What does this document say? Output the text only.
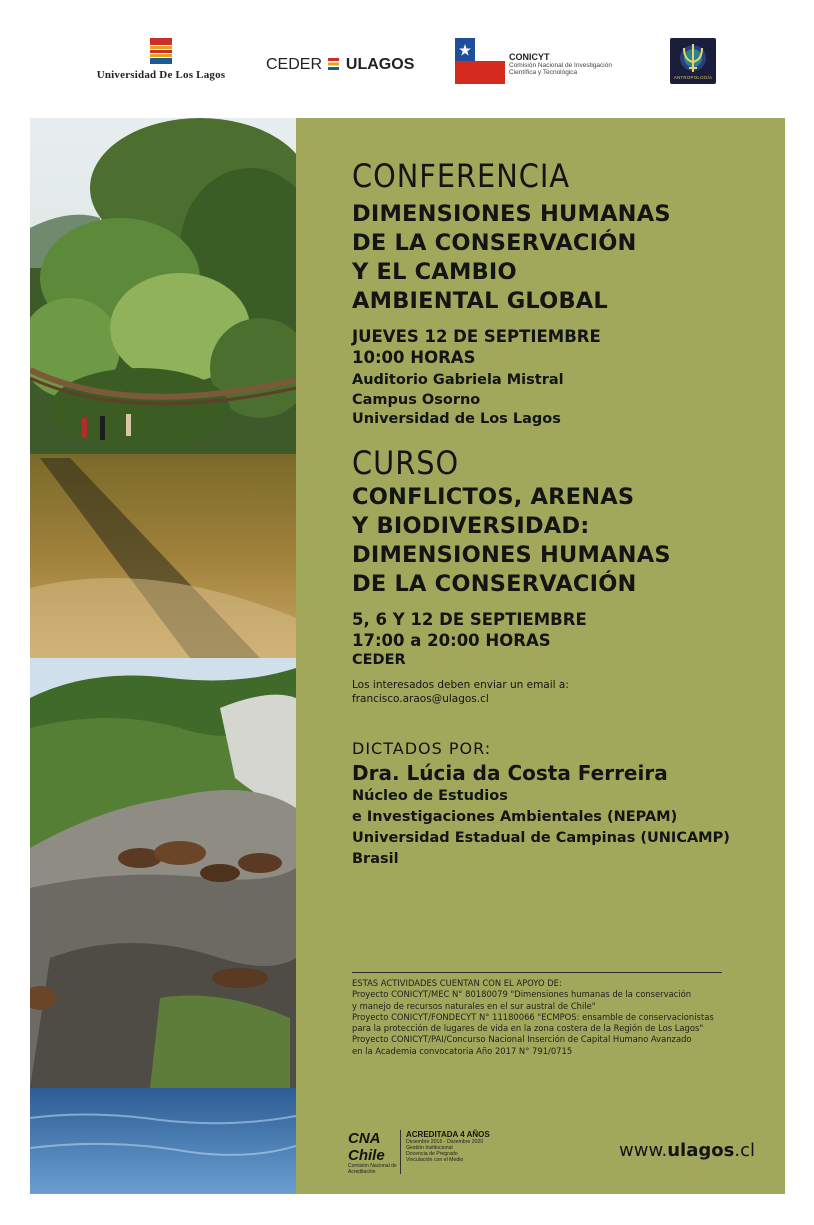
Universidad De Los Lagos
CEDER ULAGOS	CONICYT
Comisión Nacional de Investigación Científica y Tecnológica
ANTROPOLOGÍA
CONFERENCIA
DIMENSIONES HUMANAS
DE LA CONSERVACIÓN
Y EL CAMBIO
AMBIENTAL GLOBAL
JUEVES 12 DE SEPTIEMBRE
10:00 HORAS
Auditorio Gabriela Mistral
Campus Osorno
Universidad de Los Lagos
CURSO
CONFLICTOS, ARENAS
Y BIODIVERSIDAD:
DIMENSIONES HUMANAS
DE LA CONSERVACIÓN
5, 6 Y 12 DE SEPTIEMBRE
17:00 a 20:00 HORAS
CEDER
Los interesados deben enviar un email a:
francisco.araos@ulagos.cl
DICTADOS POR:
Dra. Lúcia da Costa Ferreira
Núcleo de Estudios
e Investigaciones Ambientales (NEPAM)
Universidad Estadual de Campinas (UNICAMP)
Brasil
ESTAS ACTIVIDADES CUENTAN CON EL APOYO DE:
Proyecto CONICYT/MEC N° 80180079 "Dimensiones humanas de la conservación
y manejo de recursos naturales en el sur austral de Chile"
Proyecto CONICYT/FONDECYT N° 11180066 "ECMPOS: ensamble de conservacionistas
para la protección de lugares de vida en la zona costera de la Región de Los Lagos"
Proyecto CONICYT/PAI/Concurso Nacional Inserción de Capital Humano Avanzado
en la Academia convocatoria Año 2017 N° 791/0715
CNA Chile
Comisión Nacional de Acreditación
ACREDITADA 4 AÑOS
Diciembre 2016 - Diciembre 2020
Gestión Institucional
Docencia de Pregrado
Vinculación con el Medio	www.ulagos.cl
